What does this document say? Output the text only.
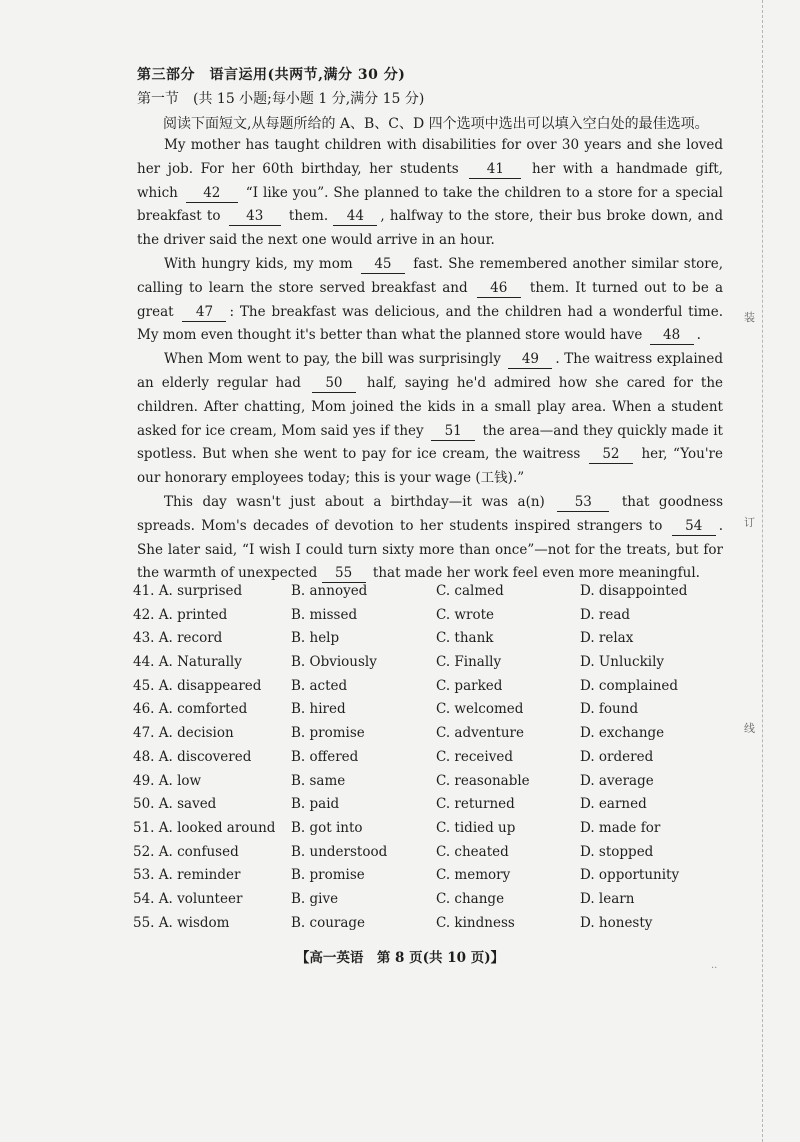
装
订
线
第三部分　语言运用(共两节,满分 30 分)
第一节　(共 15 小题;每小题 1 分,满分 15 分)
阅读下面短文,从每题所给的 A、B、C、D 四个选项中选出可以填入空白处的最佳选项。

My mother has taught children with disabilities for over 30 years and she loved her job. For her 60th birthday, her students 41 her with a handmade gift, which 42 “I like you”. She planned to take the children to a store for a special breakfast to 43 them. 44 , halfway to the store, their bus broke down, and the driver said the next one would arrive in an hour.

With hungry kids, my mom 45 fast. She remembered another similar store, calling to learn the store served breakfast and 46 them. It turned out to be a great 47 : The breakfast was delicious, and the children had a wonderful time. My mom even thought it's better than what the planned store would have 48 .

When Mom went to pay, the bill was surprisingly 49 . The waitress explained an elderly regular had 50 half, saying he'd admired how she cared for the children. After chatting, Mom joined the kids in a small play area. When a student asked for ice cream, Mom said yes if they 51 the area—and they quickly made it spotless. But when she went to pay for ice cream, the waitress 52 her, “You're our honorary employees today; this is your wage (工钱).”

This day wasn't just about a birthday—it was a(n) 53 that goodness spreads. Mom's decades of devotion to her students inspired strangers to 54 . She later said, “I wish I could turn sixty more than once”—not for the treats, but for the warmth of unexpected 55 that made her work feel even more meaningful.

41. A. surprised	B. annoyed	C. calmed	D. disappointed
42. A. printed	B. missed	C. wrote	D. read
43. A. record	B. help	C. thank	D. relax
44. A. Naturally	B. Obviously	C. Finally	D. Unluckily
45. A. disappeared B. acted	C. parked	D. complained
46. A. comforted	B. hired	C. welcomed	D. found
47. A. decision	B. promise	C. adventure	D. exchange
48. A. discovered	B. offered	C. received	D. ordered
49. A. low	B. same	C. reasonable	D. average
50. A. saved	B. paid	C. returned	D. earned
51. A. looked around B. got into	C. tidied up	D. made for
52. A. confused	B. understood	C. cheated	D. stopped
53. A. reminder	B. promise	C. memory	D. opportunity
54. A. volunteer	B. give	C. change	D. learn
55. A. wisdom	B. courage	C. kindness	D. honesty
【高一英语　第 8 页(共 10 页)】	..
